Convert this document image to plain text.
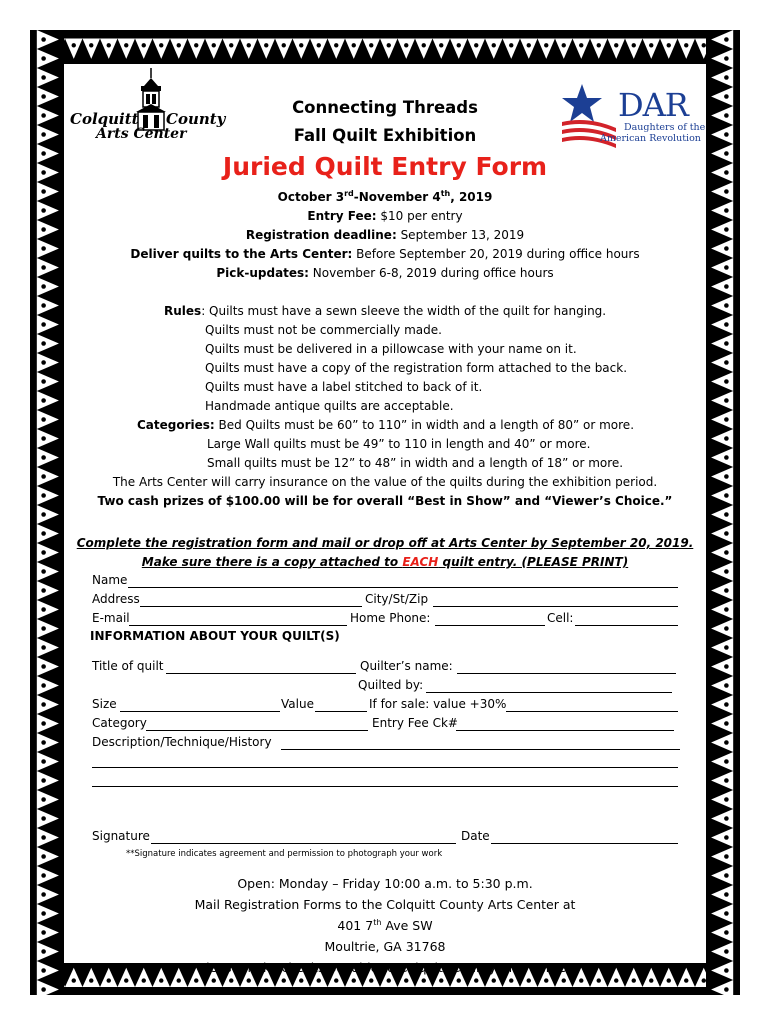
Colquitt County
Arts Center
Connecting Threads
Fall Quilt Exhibition
DAR
Daughters of the
American Revolution
Juried Quilt Entry Form
October 3rd-November 4th, 2019
Entry Fee: $10 per entry
Registration deadline: September 13, 2019
Deliver quilts to the Arts Center: Before September 20, 2019 during office hours
Pick-updates: November 6-8, 2019 during office hours
Rules: Quilts must have a sewn sleeve the width of the quilt for hanging.
Quilts must not be commercially made.
Quilts must be delivered in a pillowcase with your name on it.
Quilts must have a copy of the registration form attached to the back.
Quilts must have a label stitched to back of it.
Handmade antique quilts are acceptable.
Categories: Bed Quilts must be 60” to 110” in width and a length of 80” or more.
Large Wall quilts must be 49” to 110 in length and 40” or more.
Small quilts must be 12” to 48” in width and a length of 18” or more.
The Arts Center will carry insurance on the value of the quilts during the exhibition period.
Two cash prizes of $100.00 will be for overall “Best in Show” and “Viewer’s Choice.”
Complete the registration form and mail or drop off at Arts Center by September 20, 2019.
Make sure there is a copy attached to EACH quilt entry. (PLEASE PRINT)
Name
Address	City/St/Zip
E-mail	Home Phone:	Cell:
INFORMATION ABOUT YOUR QUILT(S)
Title of quilt	Quilter’s name:
Quilted by:
Size	Value	If for sale: value +30%
Category	Entry Fee Ck#
Description/Technique/History
Signature	Date
**Signature indicates agreement and permission to photograph your work
Open: Monday – Friday 10:00 a.m. to 5:30 p.m.
Mail Registration Forms to the Colquitt County Arts Center at
401 7th Ave SW
Moultrie, GA 31768
Please make checks payable to Colquitt County Arts Center
